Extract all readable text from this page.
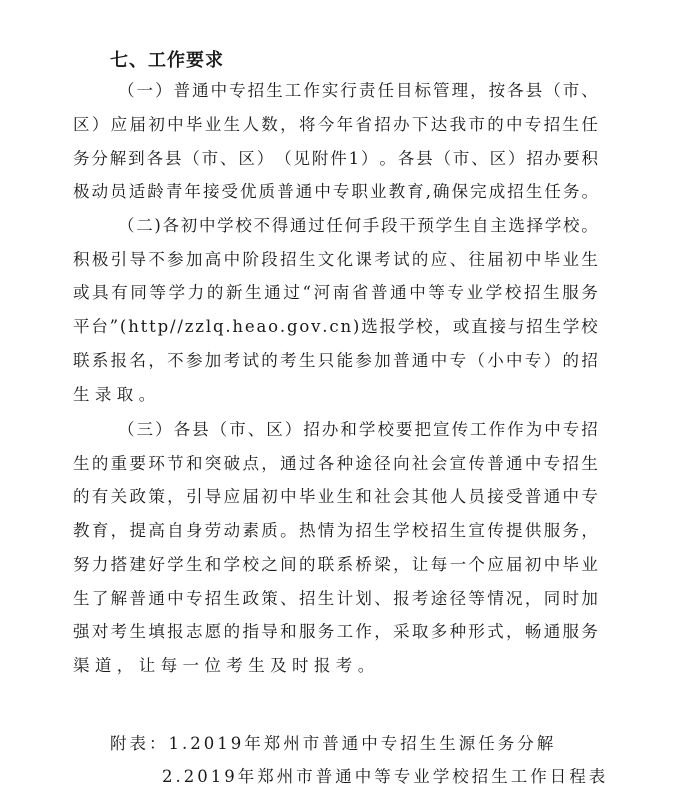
七、工作要求
（ 一 ） 普 通 中 专 招 生 工 作 实 行 责 任 目 标 管 理 ， 按 各 县 （ 市 、
区 ） 应 届 初 中 毕 业 生 人 数 ， 将 今 年 省 招 办 下 达 我 市 的 中 专 招 生 任
务 分 解 到 各 县 （ 市 、 区 ） （ 见 附 件 1 ） 。 各 县 （ 市 、 区 ） 招 办 要 积
极 动 员 适 龄 青 年 接 受 优 质 普 通 中 专 职 业 教 育 , 确 保 完 成 招 生 任 务 。
（ 二 ) 各 初 中 学 校 不 得 通 过 任 何 手 段 干 预 学 生 自 主 选 择 学 校 。
积 极 引 导 不 参 加 高 中 阶 段 招 生 文 化 课 考 试 的 应 、 往 届 初 中 毕 业 生
或 具 有 同 等 学 力 的 新 生 通 过 “ 河 南 省 普 通 中 等 专 业 学 校 招 生 服 务
平 台 ” ( h t t p / / z z l q . h e a o . g o v . c n ) 选 报 学 校 ， 或 直 接 与 招 生 学 校
联 系 报 名 ， 不 参 加 考 试 的 考 生 只 能 参 加 普 通 中 专 （ 小 中 专 ） 的 招
生录取。
（ 三 ） 各 县 （ 市 、 区 ） 招 办 和 学 校 要 把 宣 传 工 作 作 为 中 专 招
生 的 重 要 环 节 和 突 破 点 ， 通 过 各 种 途 径 向 社 会 宣 传 普 通 中 专 招 生
的 有 关 政 策 ， 引 导 应 届 初 中 毕 业 生 和 社 会 其 他 人 员 接 受 普 通 中 专
教 育 ， 提 高 自 身 劳 动 素 质 。 热 情 为 招 生 学 校 招 生 宣 传 提 供 服 务 ，
努 力 搭 建 好 学 生 和 学 校 之 间 的 联 系 桥 梁 ， 让 每 一 个 应 届 初 中 毕 业
生 了 解 普 通 中 专 招 生 政 策 、 招 生 计 划 、 报 考 途 径 等 情 况 ， 同 时 加
强 对 考 生 填 报 志 愿 的 指 导 和 服 务 工 作 ， 采 取 多 种 形 式 ， 畅 通 服 务
渠道，让每一位考生及时报考。
附表：1.2019年郑州市普通中专招生生源任务分解
2.2019年郑州市普通中等专业学校招生工作日程表
